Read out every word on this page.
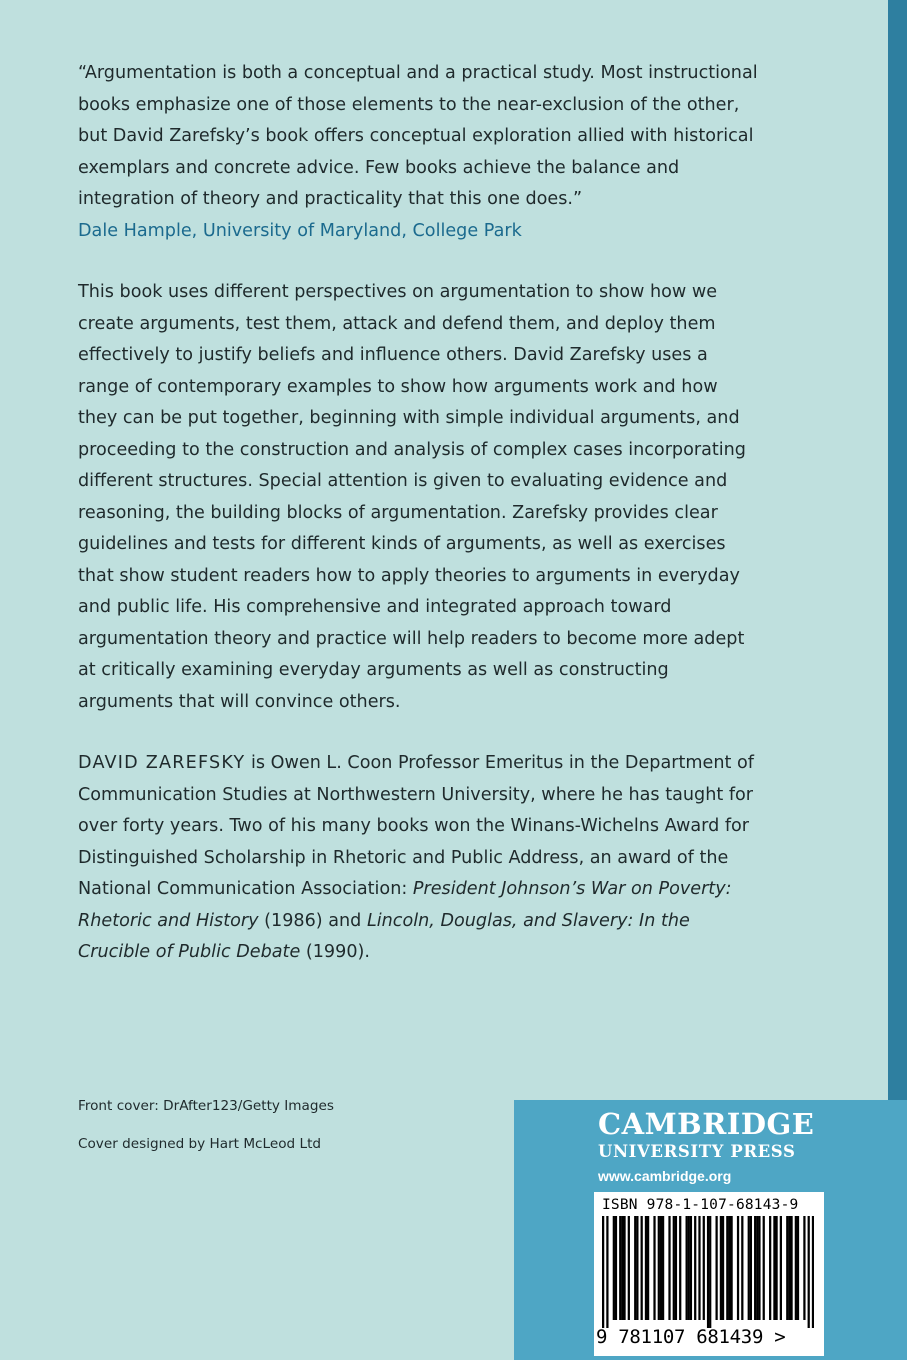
“Argumentation is both a conceptual and a practical study. Most instructional books emphasize one of those elements to the near-exclusion of the other, but David Zarefsky’s book offers conceptual exploration allied with historical exemplars and concrete advice. Few books achieve the balance and integration of theory and practicality that this one does.”

Dale Hample, University of Maryland, College Park

This book uses different perspectives on argumentation to show how we create arguments, test them, attack and defend them, and deploy them effectively to justify beliefs and influence others. David Zarefsky uses a range of contemporary examples to show how arguments work and how they can be put together, beginning with simple individual arguments, and proceeding to the construction and analysis of complex cases incorporating different structures. Special attention is given to evaluating evidence and reasoning, the building blocks of argumentation. Zarefsky provides clear guidelines and tests for different kinds of arguments, as well as exercises that show student readers how to apply theories to arguments in everyday and public life. His comprehensive and integrated approach toward argumentation theory and practice will help readers to become more adept at critically examining everyday arguments as well as constructing arguments that will convince others.

DAVID ZAREFSKY is Owen L. Coon Professor Emeritus in the Department of Communication Studies at Northwestern University, where he has taught for over forty years. Two of his many books won the Winans-Wichelns Award for Distinguished Scholarship in Rhetoric and Public Address, an award of the National Communication Association: President Johnson’s War on Poverty: Rhetoric and History (1986) and Lincoln, Douglas, and Slavery: In the Crucible of Public Debate (1990).

Front cover: DrAfter123/Getty Images
Cover designed by Hart McLeod Ltd
CAMBRIDGE
UNIVERSITY PRESS
www.cambridge.org
ISBN 978-1-107-68143-9
9 781107 681439 >
